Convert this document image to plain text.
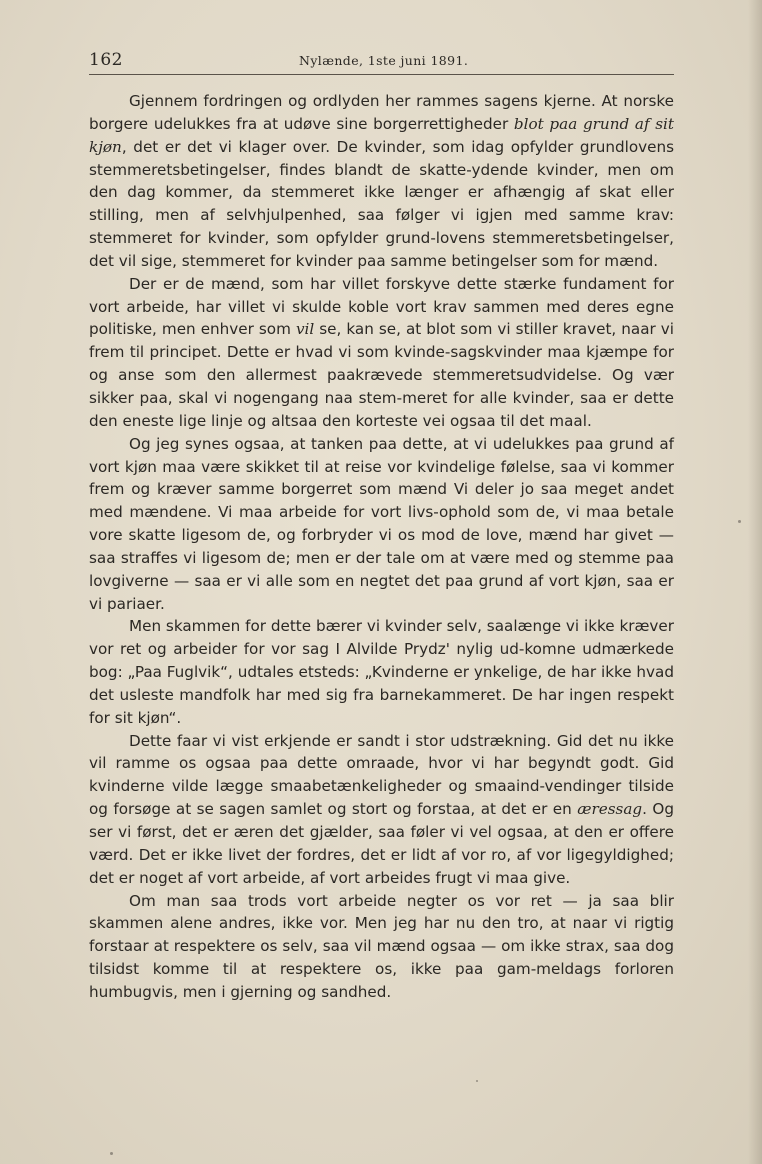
162	Nylænde, 1ste juni 1891.

Gjennem fordringen og ordlyden her rammes sagens kjerne. At norske borgere udelukkes fra at udøve sine borgerrettigheder blot paa grund af sit kjøn, det er det vi klager over. De kvinder, som idag opfylder grundlovens stemmeretsbetingelser, findes blandt de skatte-ydende kvinder, men om den dag kommer, da stemmeret ikke længer er afhængig af skat eller stilling, men af selvhjulpenhed, saa følger vi igjen med samme krav: stemmeret for kvinder, som opfylder grund-lovens stemmeretsbetingelser, det vil sige, stemmeret for kvinder paa samme betingelser som for mænd.

Der er de mænd, som har villet forskyve dette stærke fundament for vort arbeide, har villet vi skulde koble vort krav sammen med deres egne politiske, men enhver som vil se, kan se, at blot som vi stiller kravet, naar vi frem til principet. Dette er hvad vi som kvinde-sagskvinder maa kjæmpe for og anse som den allermest paakrævede stemmeretsudvidelse. Og vær sikker paa, skal vi nogengang naa stem-meret for alle kvinder, saa er dette den eneste lige linje og altsaa den korteste vei ogsaa til det maal.

Og jeg synes ogsaa, at tanken paa dette, at vi udelukkes paa grund af vort kjøn maa være skikket til at reise vor kvindelige følelse, saa vi kommer frem og kræver samme borgerret som mænd Vi deler jo saa meget andet med mændene. Vi maa arbeide for vort livs-ophold som de, vi maa betale vore skatte ligesom de, og forbryder vi os mod de love, mænd har givet — saa straffes vi ligesom de; men er der tale om at være med og stemme paa lovgiverne — saa er vi alle som en negtet det paa grund af vort kjøn, saa er vi pariaer.

Men skammen for dette bærer vi kvinder selv, saalænge vi ikke kræver vor ret og arbeider for vor sag I Alvilde Prydz' nylig ud-komne udmærkede bog: „Paa Fuglvik“, udtales etsteds: „Kvinderne er ynkelige, de har ikke hvad det usleste mandfolk har med sig fra barnekammeret. De har ingen respekt for sit kjøn“.

Dette faar vi vist erkjende er sandt i stor udstrækning. Gid det nu ikke vil ramme os ogsaa paa dette omraade, hvor vi har begyndt godt. Gid kvinderne vilde lægge smaabetænkeligheder og smaaind-vendinger tilside og forsøge at se sagen samlet og stort og forstaa, at det er en æressag. Og ser vi først, det er æren det gjælder, saa føler vi vel ogsaa, at den er offere værd. Det er ikke livet der fordres, det er lidt af vor ro, af vor ligegyldighed; det er noget af vort arbeide, af vort arbeides frugt vi maa give.

Om man saa trods vort arbeide negter os vor ret — ja saa blir skammen alene andres, ikke vor. Men jeg har nu den tro, at naar vi rigtig forstaar at respektere os selv, saa vil mænd ogsaa — om ikke strax, saa dog tilsidst komme til at respektere os, ikke paa gam-meldags forloren humbugvis, men i gjerning og sandhed.
